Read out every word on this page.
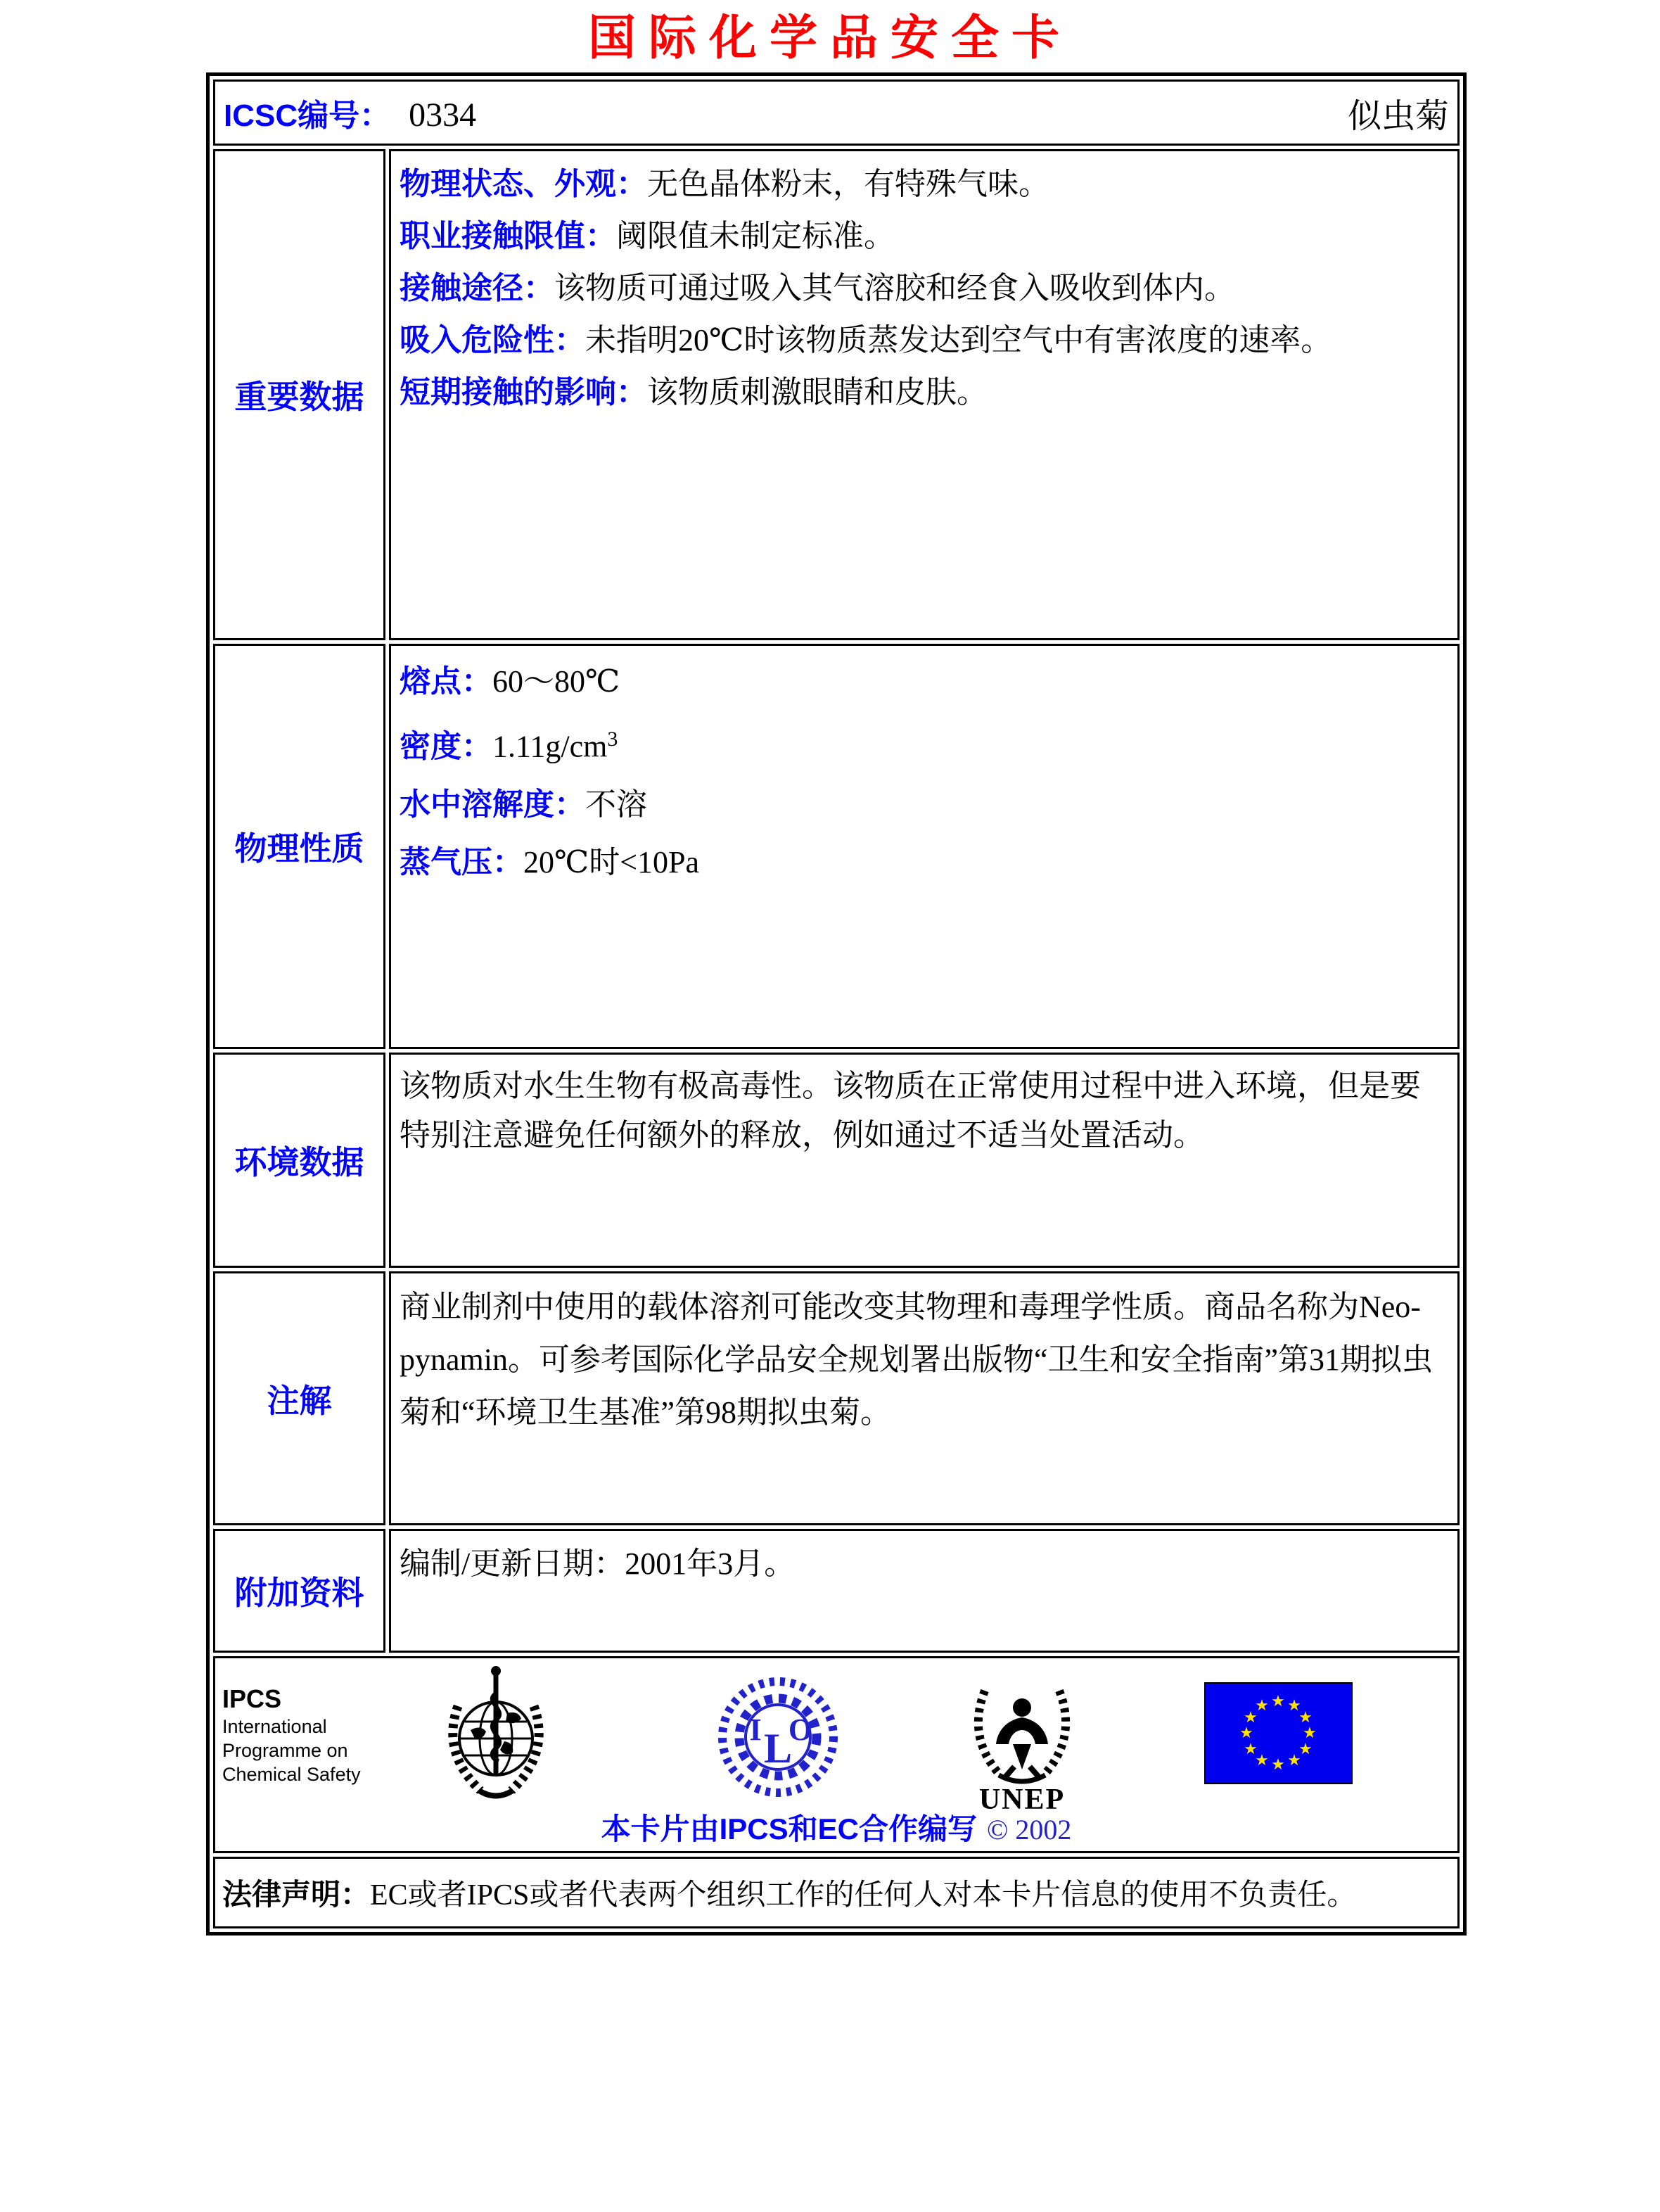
国际化学品安全卡
ICSC编号： 0334 似虫菊	

重要数据	物理状态、外观：无色晶体粉末，有特殊气味。
职业接触限值：阈限值未制定标准。
接触途径：该物质可通过吸入其气溶胶和经食入吸收到体内。
吸入危险性：未指明20℃时该物质蒸发达到空气中有害浓度的速率。
短期接触的影响：该物质刺激眼睛和皮肤。

物理性质	熔点：60～80℃
密度：$1.11g/cm^3$
水中溶解度：不溶
蒸气压：20℃时<10Pa

环境数据	该物质对水生生物有极高毒性。该物质在正常使用过程中进入环境，但是要特别注意避免任何额外的释放，例如通过不适当处置活动。

注解	商业制剂中使用的载体溶剂可能改变其物理和毒理学性质。商品名称为Neo-pynamin。可参考国际化学品安全规划署出版物“卫生和安全指南”第31期拟虫菊和“环境卫生基准”第98期拟虫菊。

附加资料	编制/更新日期：2001年3月。

IPCS
International
Programme on
Chemical Safety
I L
O
UNEP
★ ★
★
★
★
★
★
★
★
★
★
★
本卡片由IPCS和EC合作编写 © 2002

法律声明：EC或者IPCS或者代表两个组织工作的任何人对本卡片信息的使用不负责任。	
